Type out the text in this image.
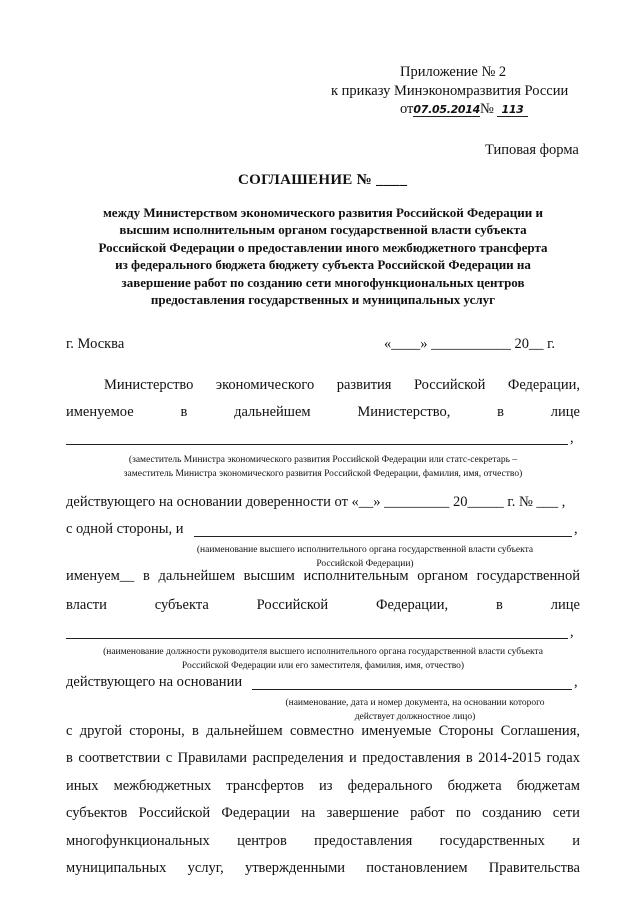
Приложение № 2
к приказу Минэкономразвития России
от07.05.2014№ 113
Типовая форма
СОГЛАШЕНИЕ № ____
между Министерством экономического развития Российской Федерации и
высшим исполнительным органом государственной власти субъекта
Российской Федерации о предоставлении иного межбюджетного трансферта
из федерального бюджета бюджету субъекта Российской Федерации на
завершение работ по созданию сети многофункциональных центров
предоставления государственных и муниципальных услуг
г. Москва	«____» ___________ 20__ г.
Министерство экономического развития Российской Федерации,
именуемое	в	дальнейшем	Министерство,	в	лице
,
(заместитель Министра экономического развития Российской Федерации или статс-секретарь –
заместитель Министра экономического развития Российской Федерации, фамилия, имя, отчество)
действующего на основании доверенности от «__» _________ 20_____ г. № ___ ,
с одной стороны, и	,
(наименование высшего исполнительного органа государственной власти субъекта
Российской Федерации)
именуем__ в дальнейшем высшим исполнительным органом государственной
власти	субъекта	Российской	Федерации,	в	лице
,
(наименование должности руководителя высшего исполнительного органа государственной власти субъекта
Российской Федерации или его заместителя, фамилия, имя, отчество)
действующего на основании	,
(наименование, дата и номер документа, на основании которого
действует должностное лицо)
с другой стороны, в дальнейшем совместно именуемые Стороны Соглашения,
в соответствии с Правилами распределения и предоставления в 2014-2015 годах
иных межбюджетных трансфертов из федерального бюджета бюджетам
субъектов Российской Федерации на завершение работ по созданию сети
многофункциональных центров предоставления государственных и
муниципальных услуг, утвержденными постановлением Правительства
